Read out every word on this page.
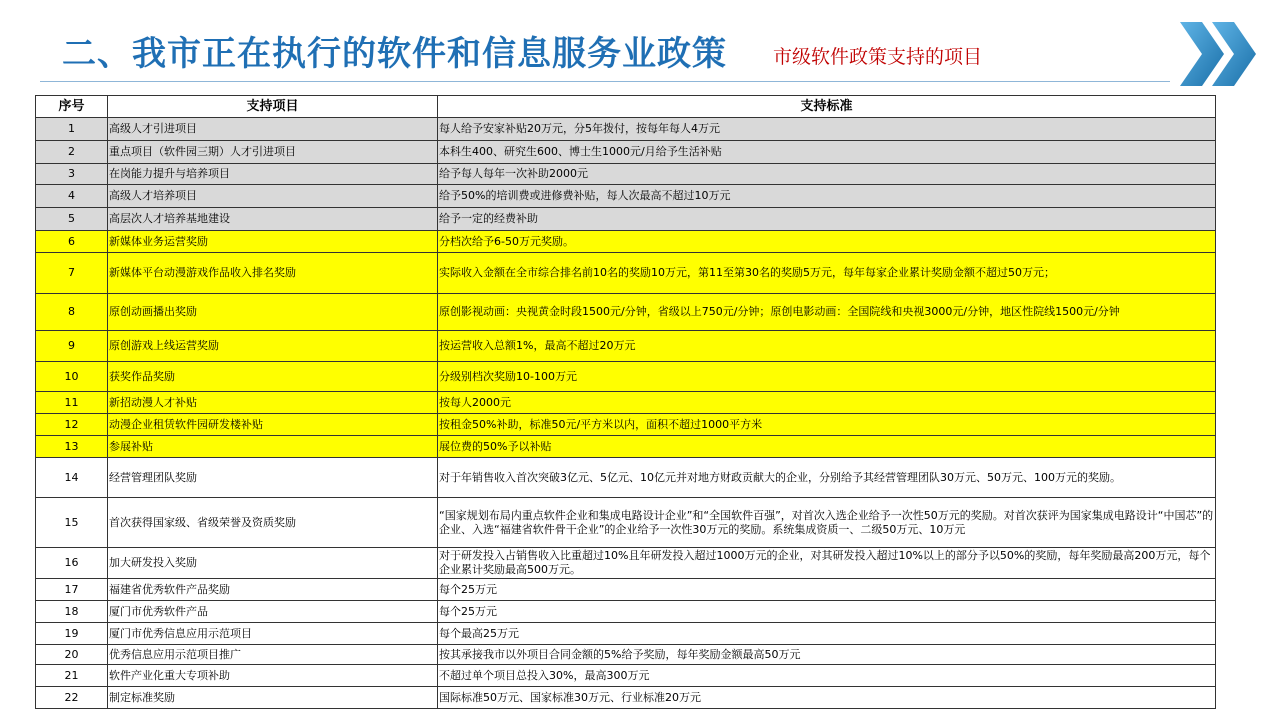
二、我市正在执行的软件和信息服务业政策 市级软件政策支持的项目
序号	支持项目	支持标准
1	高级人才引进项目	每人给予安家补贴20万元，分5年拨付，按每年每人4万元
2	重点项目（软件园三期）人才引进项目	本科生400、研究生600、博士生1000元/月给予生活补贴
3	在岗能力提升与培养项目	给予每人每年一次补助2000元
4	高级人才培养项目	给予50%的培训费或进修费补贴，每人次最高不超过10万元
5	高层次人才培养基地建设	给予一定的经费补助
6	新媒体业务运营奖励	分档次给予6-50万元奖励。
7	新媒体平台动漫游戏作品收入排名奖励	实际收入金额在全市综合排名前10名的奖励10万元，第11至第30名的奖励5万元，每年每家企业累计奖励金额不超过50万元；
8	原创动画播出奖励	原创影视动画：央视黄金时段1500元/分钟，省级以上750元/分钟；原创电影动画：全国院线和央视3000元/分钟，地区性院线1500元/分钟
9	原创游戏上线运营奖励	按运营收入总额1%，最高不超过20万元
10	获奖作品奖励	分级别档次奖励10-100万元
11	新招动漫人才补贴	按每人2000元
12	动漫企业租赁软件园研发楼补贴	按租金50%补助，标准50元/平方米以内，面积不超过1000平方米
13	参展补贴	展位费的50%予以补贴
14	经营管理团队奖励	对于年销售收入首次突破3亿元、5亿元、10亿元并对地方财政贡献大的企业，分别给予其经营管理团队30万元、50万元、100万元的奖励。
15	首次获得国家级、省级荣誉及资质奖励	“国家规划布局内重点软件企业和集成电路设计企业”和“全国软件百强”，对首次入选企业给予一次性50万元的奖励。对首次获评为国家集成电路设计“中国芯”的企业、入选“福建省软件骨干企业”的企业给予一次性30万元的奖励。系统集成资质一、二级50万元、10万元
16	加大研发投入奖励	对于研发投入占销售收入比重超过10%且年研发投入超过1000万元的企业，对其研发投入超过10%以上的部分予以50%的奖励，每年奖励最高200万元，每个企业累计奖励最高500万元。
17	福建省优秀软件产品奖励	每个25万元
18	厦门市优秀软件产品	每个25万元
19	厦门市优秀信息应用示范项目	每个最高25万元
20	优秀信息应用示范项目推广	按其承接我市以外项目合同金额的5%给予奖励，每年奖励金额最高50万元
21	软件产业化重大专项补助	不超过单个项目总投入30%，最高300万元
22	制定标准奖励	国际标准50万元、国家标准30万元、行业标准20万元
